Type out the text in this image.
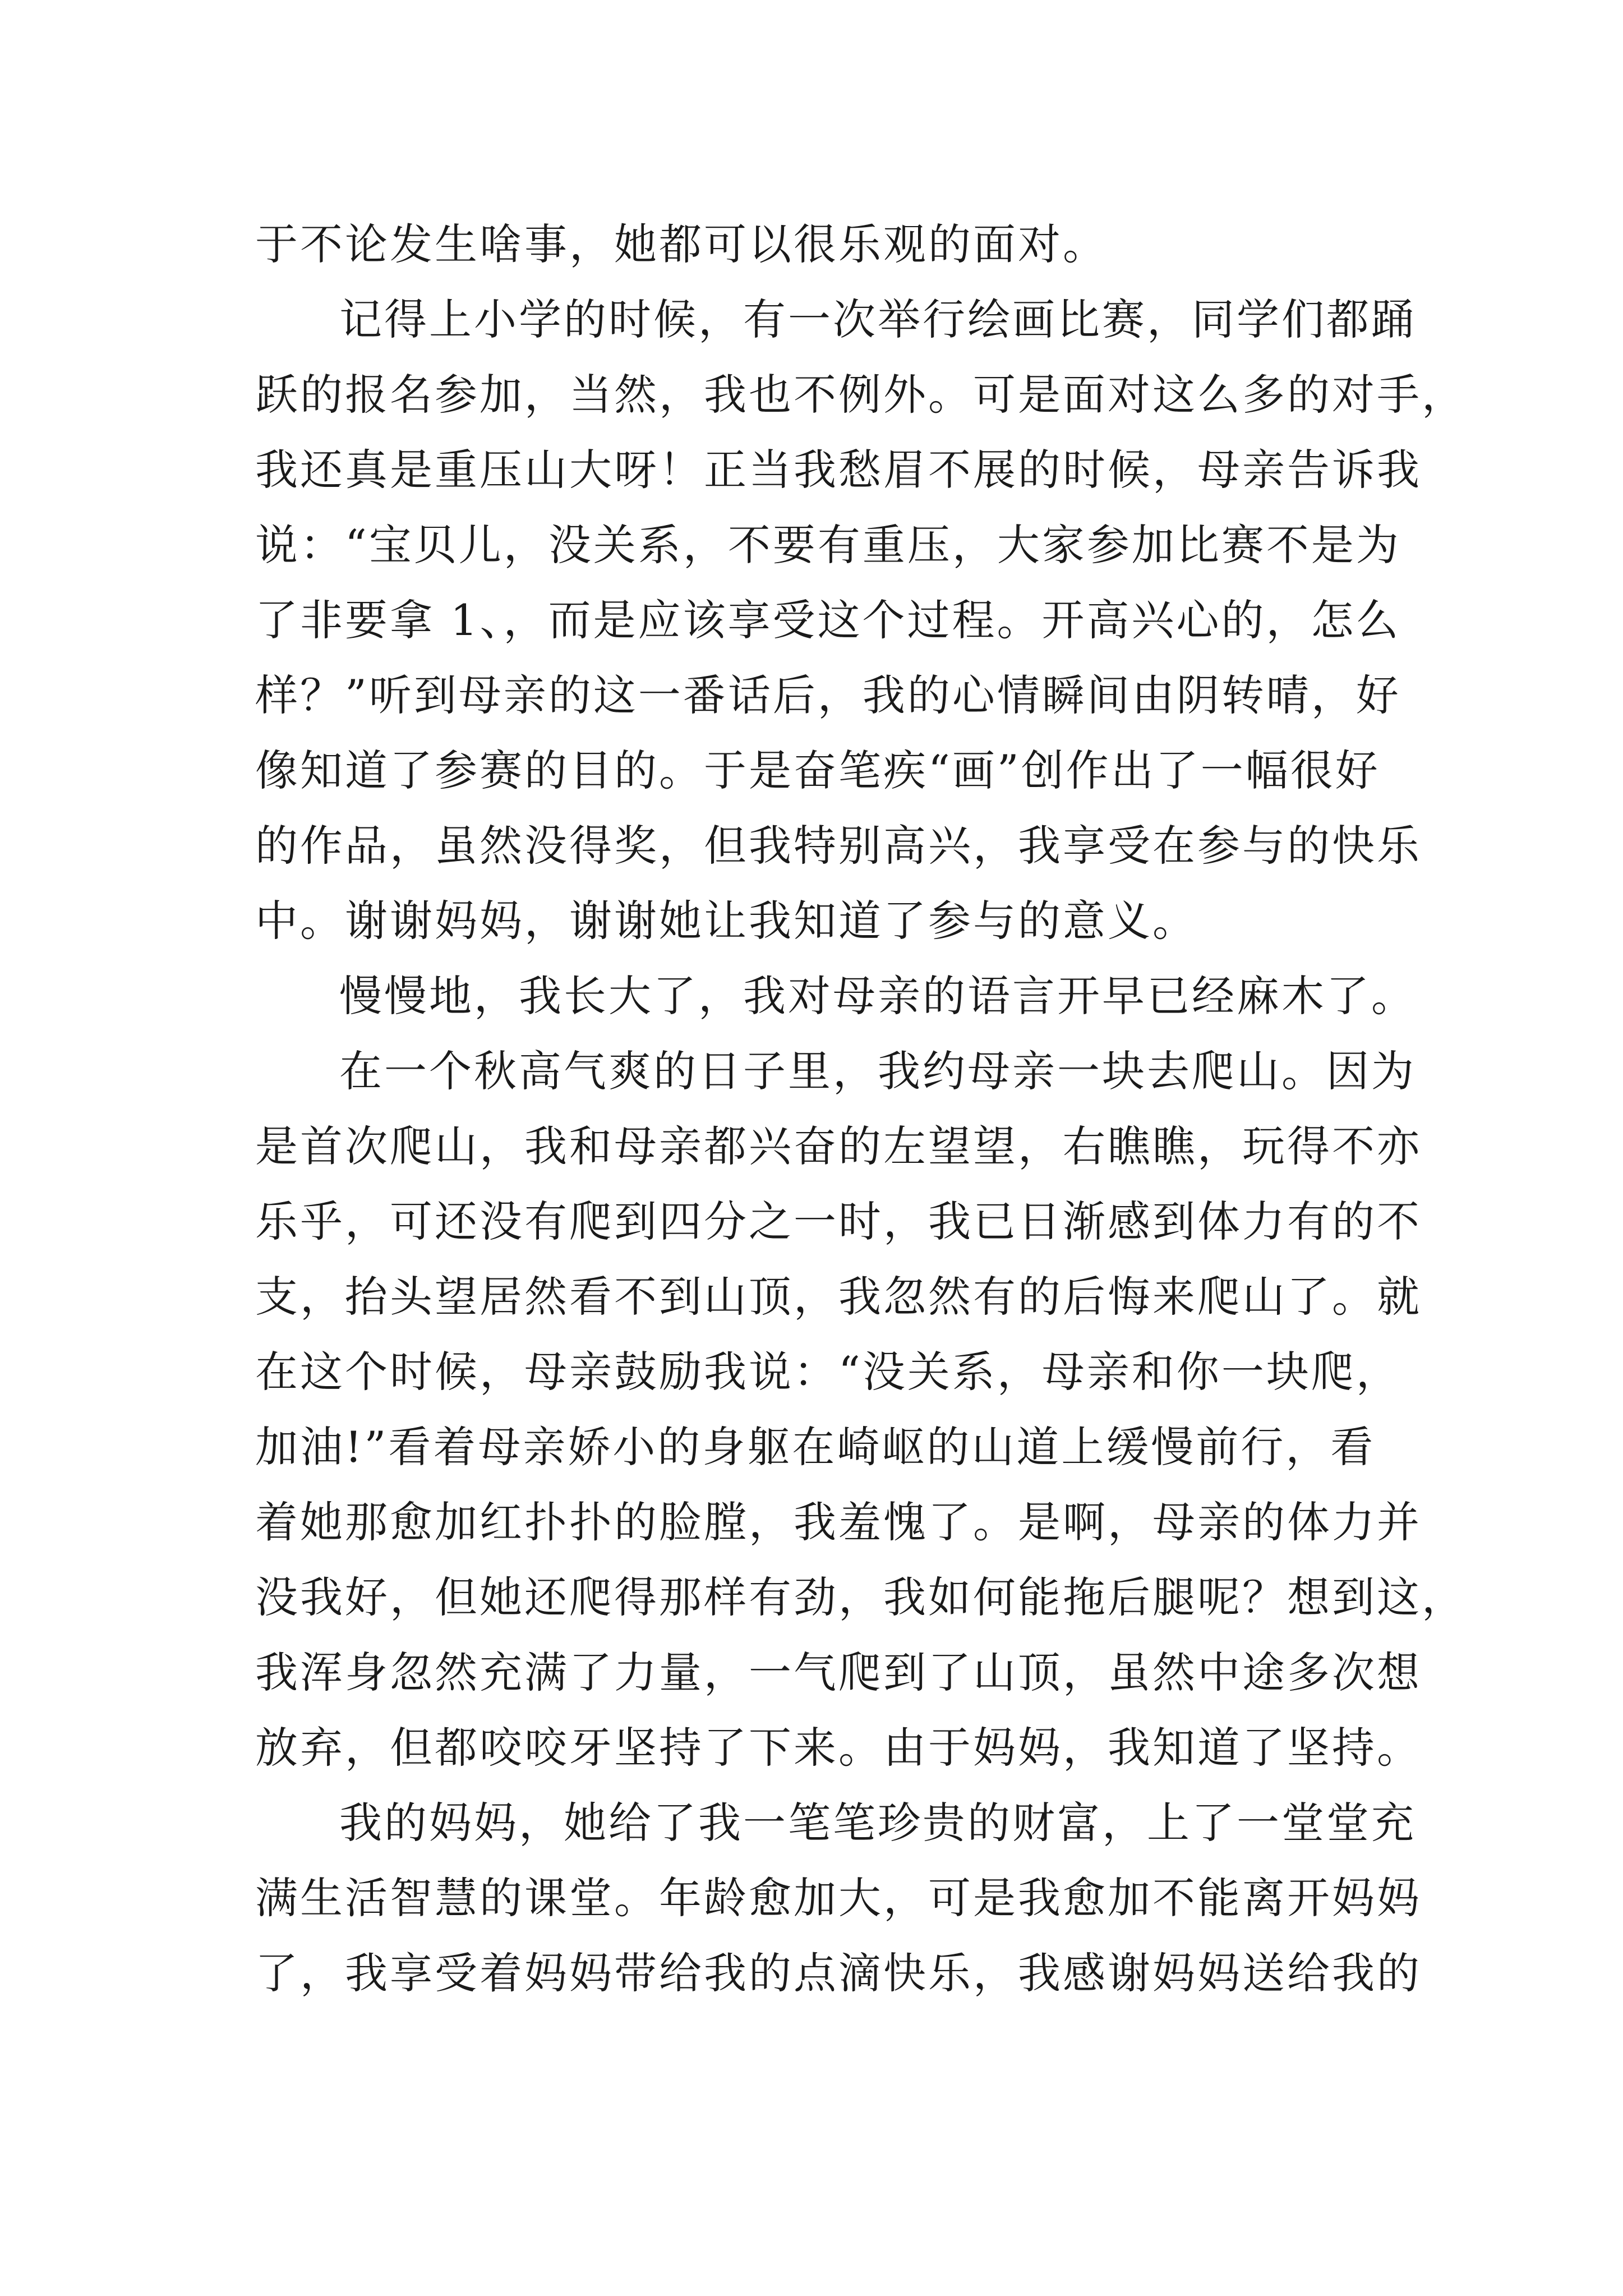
于不论发生啥事，她都可以很乐观的面对。
记得上小学的时候，有一次举行绘画比赛，同学们都踊
跃的报名参加，当然，我也不例外。可是面对这么多的对手，
我还真是重压山大呀！正当我愁眉不展的时候，母亲告诉我
说：“宝贝儿，没关系，不要有重压，大家参加比赛不是为
了非要拿 1、，而是应该享受这个过程。开高兴心的，怎么
样？”听到母亲的这一番话后，我的心情瞬间由阴转晴，好
像知道了参赛的目的。于是奋笔疾“画”创作出了一幅很好
的作品，虽然没得奖，但我特别高兴，我享受在参与的快乐
中。谢谢妈妈，谢谢她让我知道了参与的意义。
慢慢地，我长大了，我对母亲的语言开早已经麻木了。
在一个秋高气爽的日子里，我约母亲一块去爬山。因为
是首次爬山，我和母亲都兴奋的左望望，右瞧瞧，玩得不亦
乐乎，可还没有爬到四分之一时，我已日渐感到体力有的不
支，抬头望居然看不到山顶，我忽然有的后悔来爬山了。就
在这个时候，母亲鼓励我说：“没关系，母亲和你一块爬，
加油!”看着母亲娇小的身躯在崎岖的山道上缓慢前行，看
着她那愈加红扑扑的脸膛，我羞愧了。是啊，母亲的体力并
没我好，但她还爬得那样有劲，我如何能拖后腿呢？想到这，
我浑身忽然充满了力量，一气爬到了山顶，虽然中途多次想
放弃，但都咬咬牙坚持了下来。由于妈妈，我知道了坚持。
我的妈妈，她给了我一笔笔珍贵的财富，上了一堂堂充
满生活智慧的课堂。年龄愈加大，可是我愈加不能离开妈妈
了，我享受着妈妈带给我的点滴快乐，我感谢妈妈送给我的
